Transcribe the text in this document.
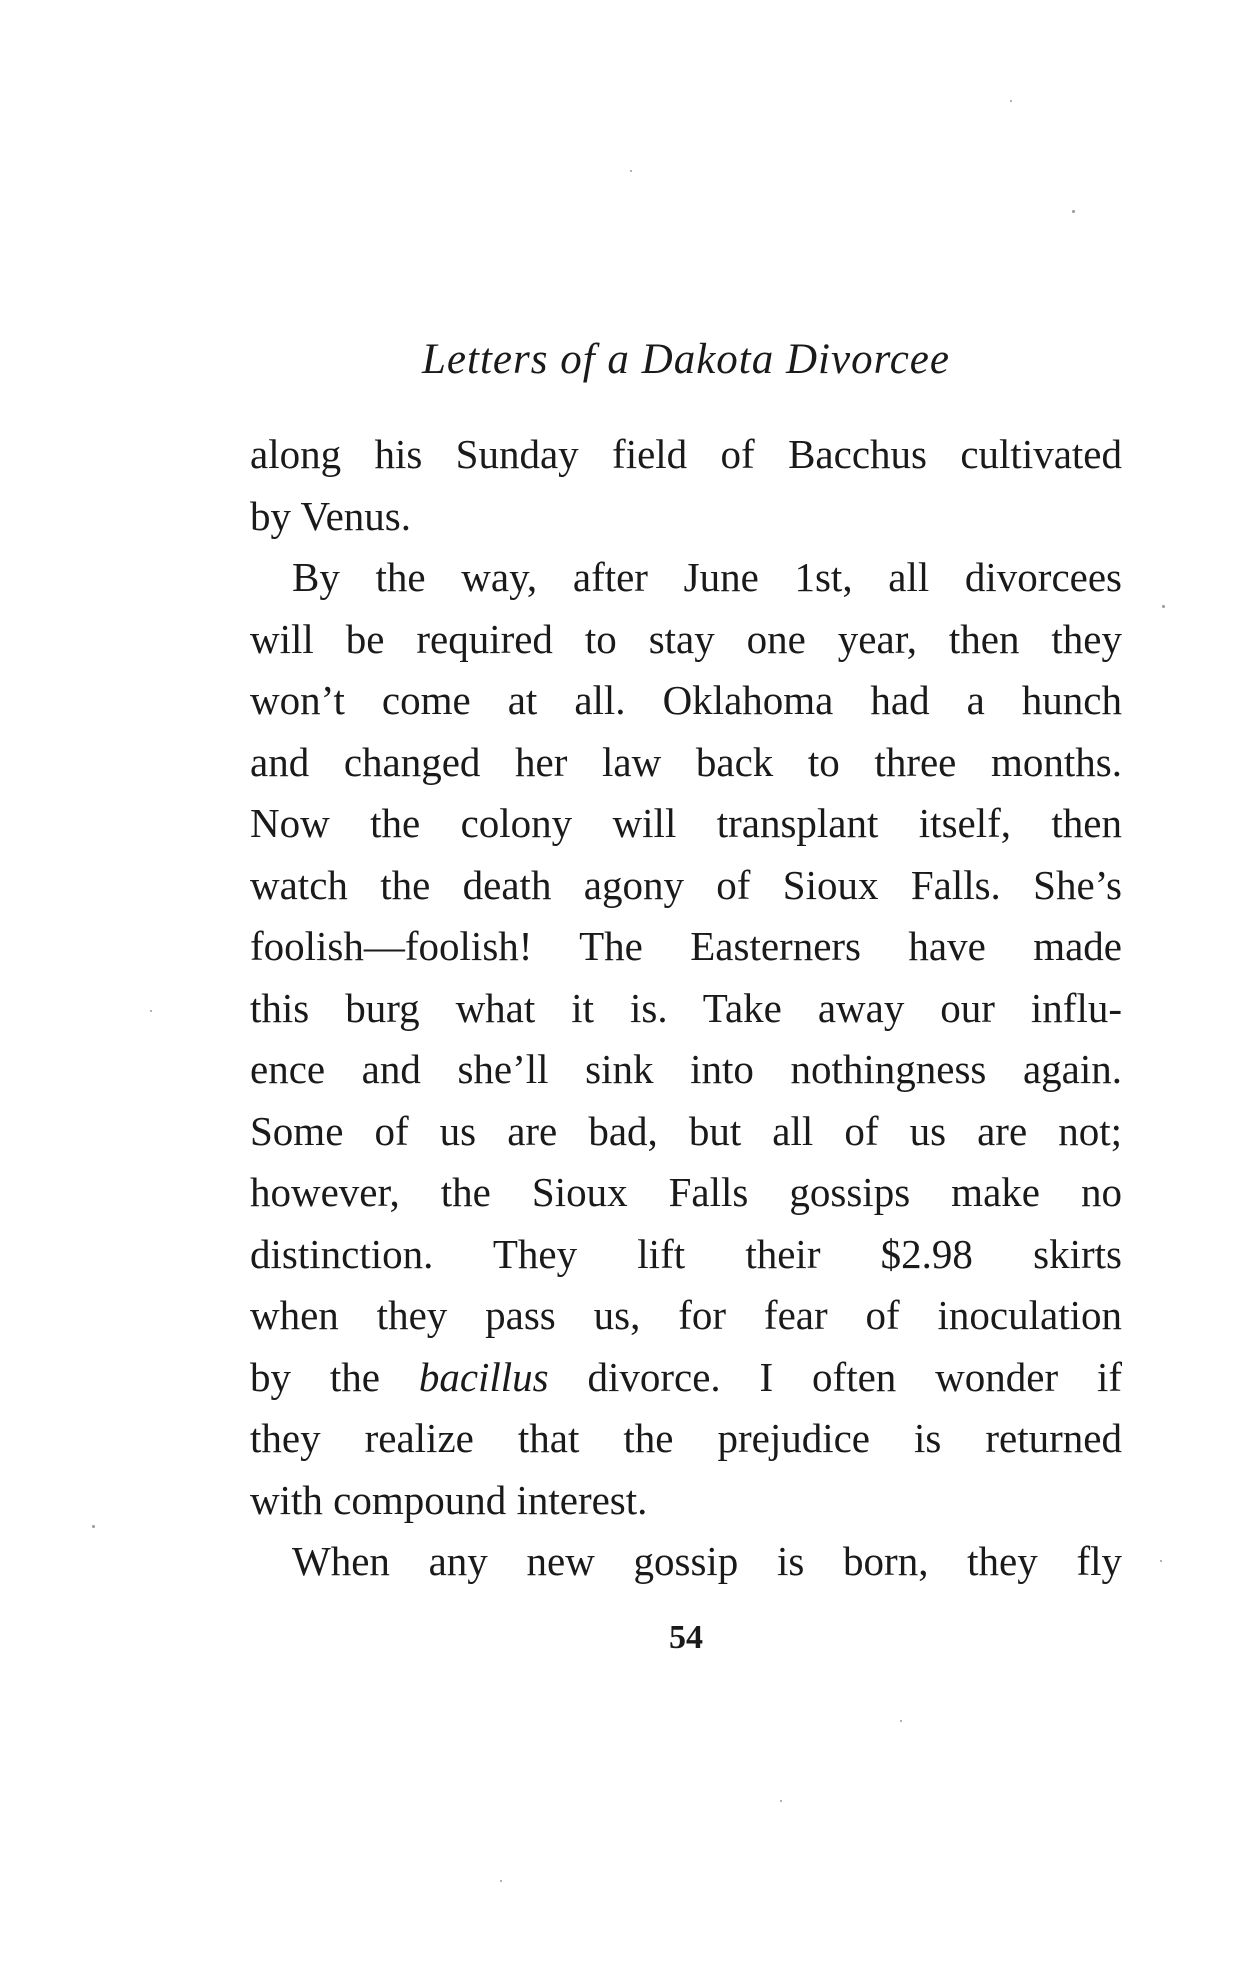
Letters of a Dakota Divorcee
along his Sunday field of Bacchus cultivated
by Venus.
By the way, after June 1st, all divorcees
will be required to stay one year, then they
won’t come at all. Oklahoma had a hunch
and changed her law back to three months.
Now the colony will transplant itself, then
watch the death agony of Sioux Falls. She’s
foolish—foolish! The Easterners have made
this burg what it is. Take away our influ-
ence and she’ll sink into nothingness again.
Some of us are bad, but all of us are not;
however, the Sioux Falls gossips make no
distinction. They lift their $2.98 skirts
when they pass us, for fear of inoculation
by the bacillus divorce. I often wonder if
they realize that the prejudice is returned
with compound interest.
When any new gossip is born, they fly
54
